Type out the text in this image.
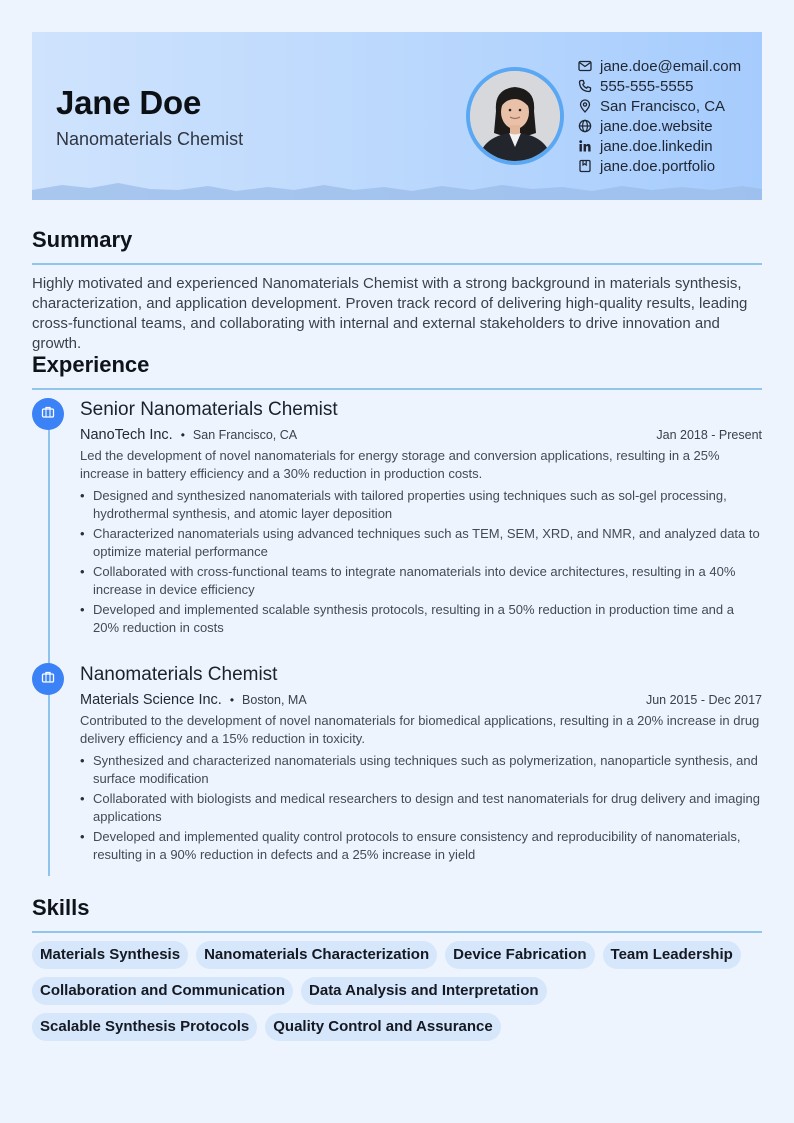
Jane Doe
Nanomaterials Chemist
jane.doe@email.com
555-555-5555
San Francisco, CA
jane.doe.website
jane.doe.linkedin
jane.doe.portfolio
Summary
Highly motivated and experienced Nanomaterials Chemist with a strong background in materials synthesis, characterization, and application development. Proven track record of delivering high-quality results, leading cross-functional teams, and collaborating with internal and external stakeholders to drive innovation and growth.
Experience
Senior Nanomaterials Chemist
NanoTech Inc. • San Francisco, CA	Jan 2018 - Present
Led the development of novel nanomaterials for energy storage and conversion applications, resulting in a 25% increase in battery efficiency and a 30% reduction in production costs.
• Designed and synthesized nanomaterials with tailored properties using techniques such as sol-gel processing, hydrothermal synthesis, and atomic layer deposition
• Characterized nanomaterials using advanced techniques such as TEM, SEM, XRD, and NMR, and analyzed data to optimize material performance
• Collaborated with cross-functional teams to integrate nanomaterials into device architectures, resulting in a 40% increase in device efficiency
• Developed and implemented scalable synthesis protocols, resulting in a 50% reduction in production time and a 20% reduction in costs
Nanomaterials Chemist
Materials Science Inc. • Boston, MA	Jun 2015 - Dec 2017
Contributed to the development of novel nanomaterials for biomedical applications, resulting in a 20% increase in drug delivery efficiency and a 15% reduction in toxicity.
• Synthesized and characterized nanomaterials using techniques such as polymerization, nanoparticle synthesis, and surface modification
• Collaborated with biologists and medical researchers to design and test nanomaterials for drug delivery and imaging applications
• Developed and implemented quality control protocols to ensure consistency and reproducibility of nanomaterials, resulting in a 90% reduction in defects and a 25% increase in yield
Skills
Materials Synthesis	Nanomaterials Characterization	Device Fabrication	Team Leadership
Collaboration and Communication	Data Analysis and Interpretation
Scalable Synthesis Protocols	Quality Control and Assurance
